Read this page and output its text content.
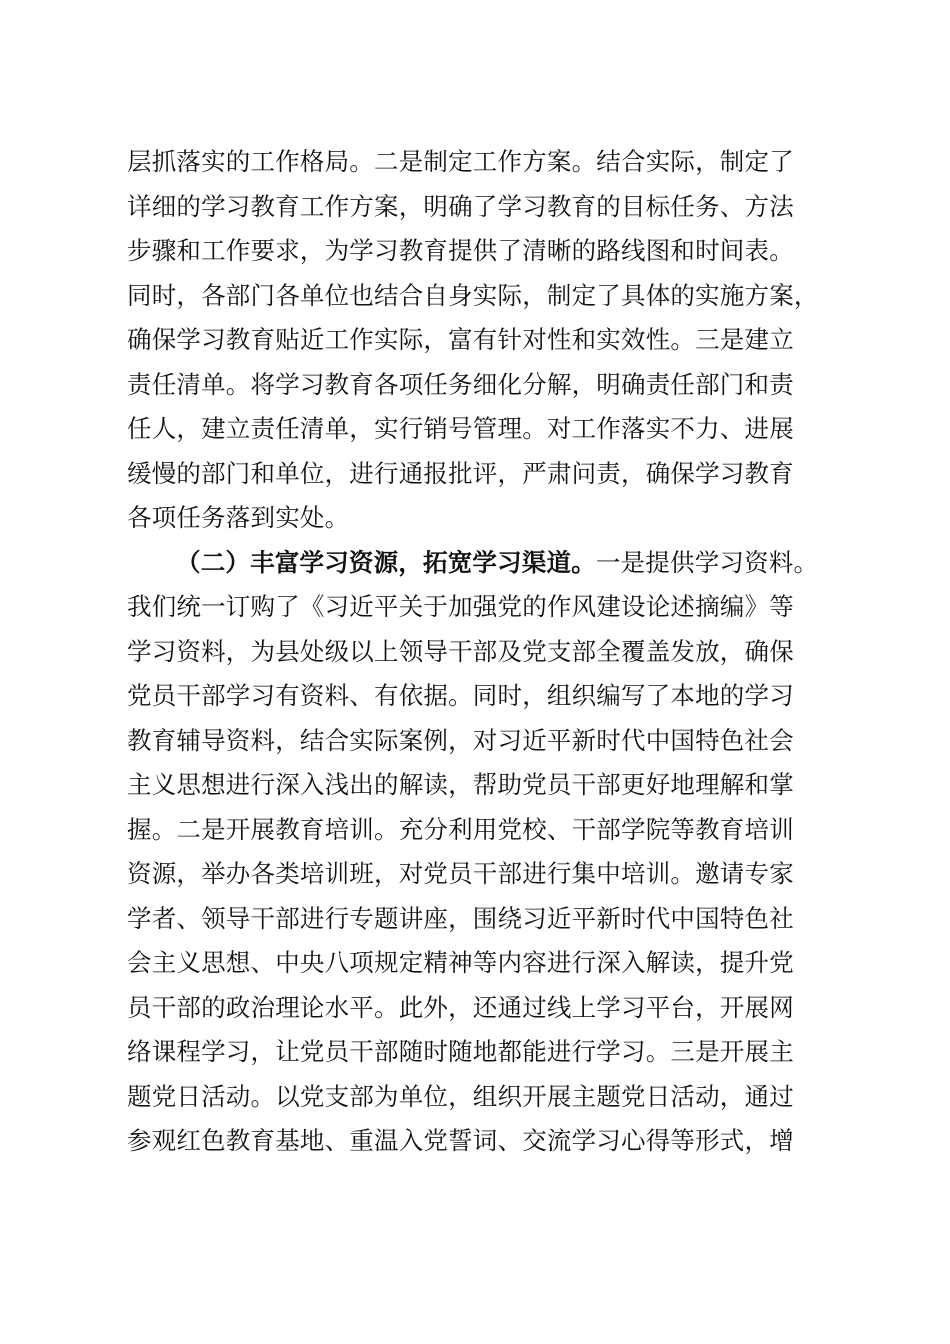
层抓落实的工作格局。二是制定工作方案。结合实际，制定了
详细的学习教育工作方案，明确了学习教育的目标任务、方法
步骤和工作要求，为学习教育提供了清晰的路线图和时间表。
同时，各部门各单位也结合自身实际，制定了具体的实施方案，
确保学习教育贴近工作实际，富有针对性和实效性。三是建立
责任清单。将学习教育各项任务细化分解，明确责任部门和责
任人，建立责任清单，实行销号管理。对工作落实不力、进展
缓慢的部门和单位，进行通报批评，严肃问责，确保学习教育
各项任务落到实处。
（二）丰富学习资源，拓宽学习渠道。一是提供学习资料。
我们统一订购了《习近平关于加强党的作风建设论述摘编》等
学习资料，为县处级以上领导干部及党支部全覆盖发放，确保
党员干部学习有资料、有依据。同时，组织编写了本地的学习
教育辅导资料，结合实际案例，对习近平新时代中国特色社会
主义思想进行深入浅出的解读，帮助党员干部更好地理解和掌
握。二是开展教育培训。充分利用党校、干部学院等教育培训
资源，举办各类培训班，对党员干部进行集中培训。邀请专家
学者、领导干部进行专题讲座，围绕习近平新时代中国特色社
会主义思想、中央八项规定精神等内容进行深入解读，提升党
员干部的政治理论水平。此外，还通过线上学习平台，开展网
络课程学习，让党员干部随时随地都能进行学习。三是开展主
题党日活动。以党支部为单位，组织开展主题党日活动，通过
参观红色教育基地、重温入党誓词、交流学习心得等形式，增
